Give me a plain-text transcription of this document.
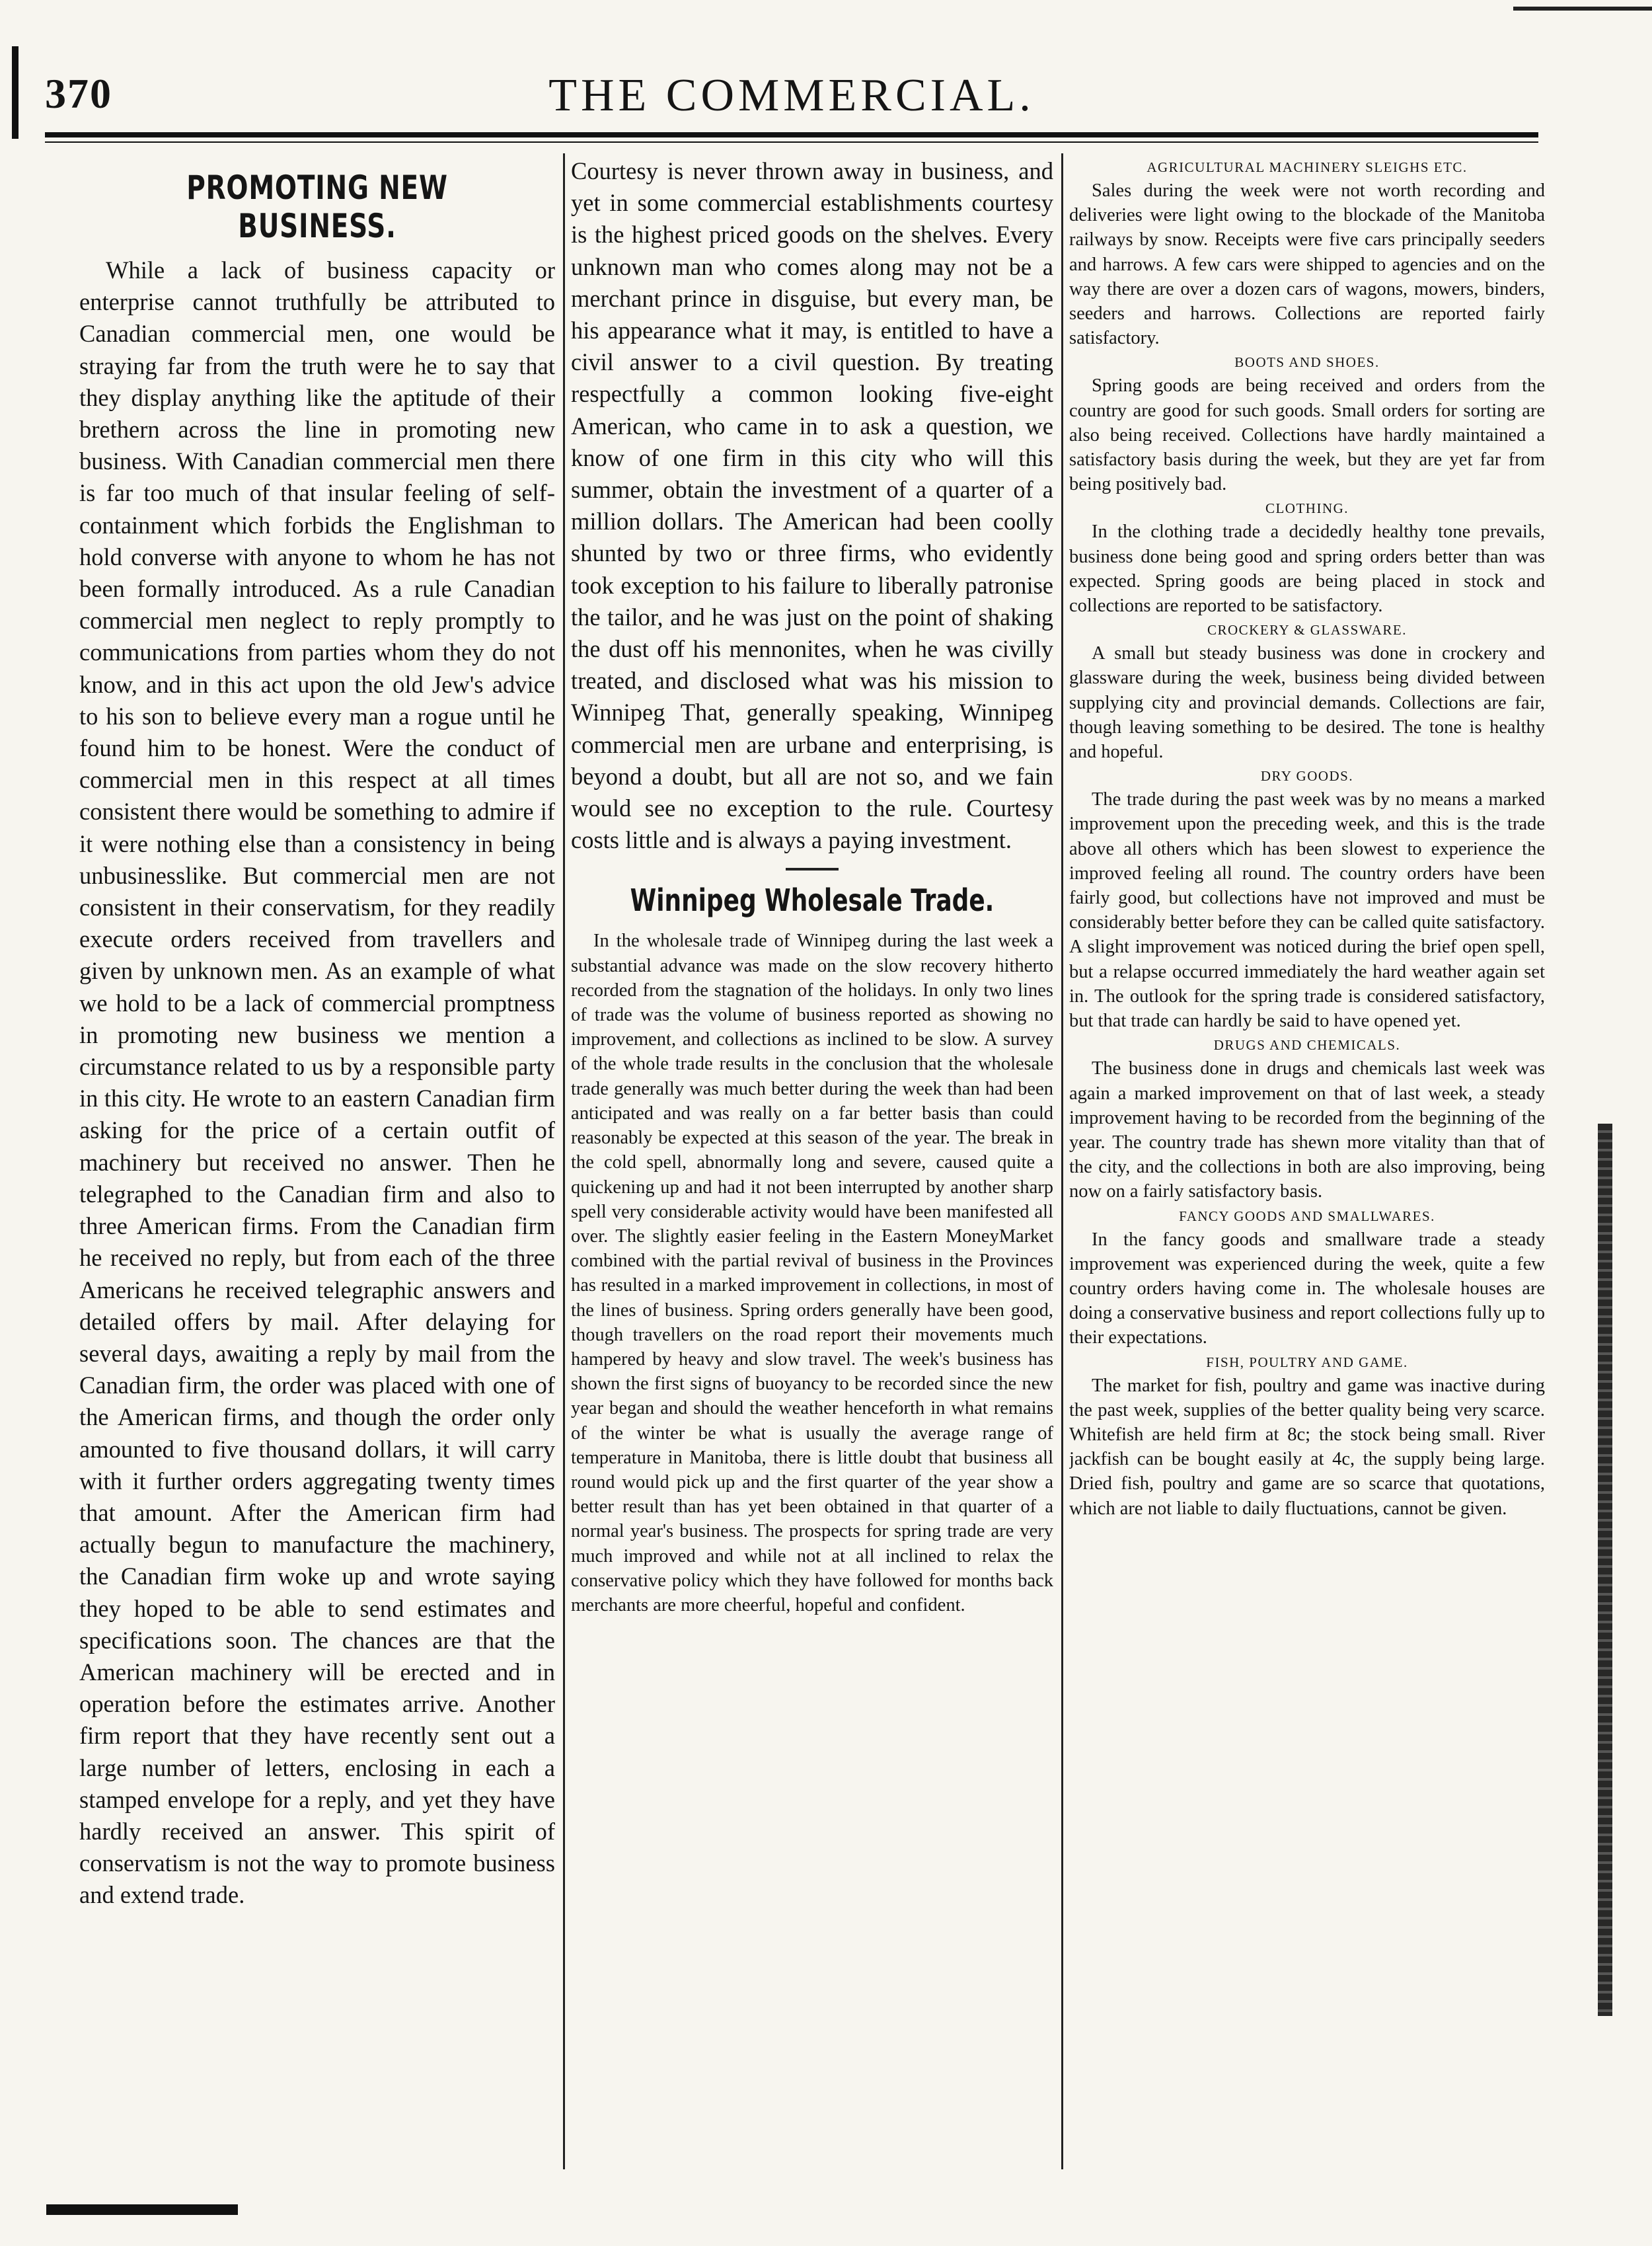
370	THE COMMERCIAL.
PROMOTING NEW BUSINESS.

While a lack of business capacity or enterprise cannot truthfully be attributed to Canadian commercial men, one would be straying far from the truth were he to say that they display anything like the aptitude of their brethern across the line in promoting new business. With Canadian commercial men there is far too much of that insular feeling of self-containment which forbids the Englishman to hold converse with anyone to whom he has not been formally introduced. As a rule Canadian commercial men neglect to reply promptly to communications from parties whom they do not know, and in this act upon the old Jew's advice to his son to believe every man a rogue until he found him to be honest. Were the conduct of commercial men in this respect at all times consistent there would be something to admire if it were nothing else than a consistency in being unbusinesslike. But commercial men are not consistent in their conservatism, for they readily execute orders received from travellers and given by unknown men. As an example of what we hold to be a lack of commercial promptness in promoting new business we mention a circumstance related to us by a responsible party in this city. He wrote to an eastern Canadian firm asking for the price of a certain outfit of machinery but received no answer. Then he telegraphed to the Canadian firm and also to three American firms. From the Canadian firm he received no reply, but from each of the three Americans he received telegraphic answers and detailed offers by mail. After delaying for several days, awaiting a reply by mail from the Canadian firm, the order was placed with one of the American firms, and though the order only amounted to five thousand dollars, it will carry with it further orders aggregating twenty times that amount. After the American firm had actually begun to manufacture the machinery, the Canadian firm woke up and wrote saying they hoped to be able to send estimates and specifications soon. The chances are that the American machinery will be erected and in operation before the estimates arrive. Another firm report that they have recently sent out a large number of letters, enclosing in each a stamped envelope for a reply, and yet they have hardly received an answer. This spirit of conservatism is not the way to promote business and extend trade.

Courtesy is never thrown away in business, and yet in some commercial establishments courtesy is the highest priced goods on the shelves. Every unknown man who comes along may not be a merchant prince in disguise, but every man, be his appearance what it may, is entitled to have a civil answer to a civil question. By treating respectfully a common looking five-eight American, who came in to ask a question, we know of one firm in this city who will this summer, obtain the investment of a quarter of a million dollars. The American had been coolly shunted by two or three firms, who evidently took exception to his failure to liberally patronise the tailor, and he was just on the point of shaking the dust off his mennonites, when he was civilly treated, and disclosed what was his mission to Winnipeg That, generally speaking, Winnipeg commercial men are urbane and enterprising, is beyond a doubt, but all are not so, and we fain would see no exception to the rule. Courtesy costs little and is always a paying investment.

Winnipeg Wholesale Trade.

In the wholesale trade of Winnipeg during the last week a substantial advance was made on the slow recovery hitherto recorded from the stagnation of the holidays. In only two lines of trade was the volume of business reported as showing no improvement, and collections as inclined to be slow. A survey of the whole trade results in the conclusion that the wholesale trade generally was much better during the week than had been anticipated and was really on a far better basis than could reasonably be expected at this season of the year. The break in the cold spell, abnormally long and severe, caused quite a quickening up and had it not been interrupted by another sharp spell very considerable activity would have been manifested all over. The slightly easier feeling in the Eastern MoneyMarket combined with the partial revival of business in the Provinces has resulted in a marked improvement in collections, in most of the lines of business. Spring orders generally have been good, though travellers on the road report their movements much hampered by heavy and slow travel. The week's business has shown the first signs of buoyancy to be recorded since the new year began and should the weather henceforth in what remains of the winter be what is usually the average range of temperature in Manitoba, there is little doubt that business all round would pick up and the first quarter of the year show a better result than has yet been obtained in that quarter of a normal year's business. The prospects for spring trade are very much improved and while not at all inclined to relax the conservative policy which they have followed for months back merchants are more cheerful, hopeful and confident.

AGRICULTURAL MACHINERY SLEIGHS ETC.

Sales during the week were not worth recording and deliveries were light owing to the blockade of the Manitoba railways by snow. Receipts were five cars principally seeders and harrows. A few cars were shipped to agencies and on the way there are over a dozen cars of wagons, mowers, binders, seeders and harrows. Collections are reported fairly satisfactory.

BOOTS AND SHOES.

Spring goods are being received and orders from the country are good for such goods. Small orders for sorting are also being received. Collections have hardly maintained a satisfactory basis during the week, but they are yet far from being positively bad.

CLOTHING.

In the clothing trade a decidedly healthy tone prevails, business done being good and spring orders better than was expected. Spring goods are being placed in stock and collections are reported to be satisfactory.

CROCKERY & GLASSWARE.

A small but steady business was done in crockery and glassware during the week, business being divided between supplying city and provincial demands. Collections are fair, though leaving something to be desired. The tone is healthy and hopeful.

DRY GOODS.

The trade during the past week was by no means a marked improvement upon the preceding week, and this is the trade above all others which has been slowest to experience the improved feeling all round. The country orders have been fairly good, but collections have not improved and must be considerably better before they can be called quite satisfactory. A slight improvement was noticed during the brief open spell, but a relapse occurred immediately the hard weather again set in. The outlook for the spring trade is considered satisfactory, but that trade can hardly be said to have opened yet.

DRUGS AND CHEMICALS.

The business done in drugs and chemicals last week was again a marked improvement on that of last week, a steady improvement having to be recorded from the beginning of the year. The country trade has shewn more vitality than that of the city, and the collections in both are also improving, being now on a fairly satisfactory basis.

FANCY GOODS AND SMALLWARES.

In the fancy goods and smallware trade a steady improvement was experienced during the week, quite a few country orders having come in. The wholesale houses are doing a conservative business and report collections fully up to their expectations.

FISH, POULTRY AND GAME.

The market for fish, poultry and game was inactive during the past week, supplies of the better quality being very scarce. Whitefish are held firm at 8c; the stock being small. River jackfish can be bought easily at 4c, the supply being large. Dried fish, poultry and game are so scarce that quotations, which are not liable to daily fluctuations, cannot be given.
